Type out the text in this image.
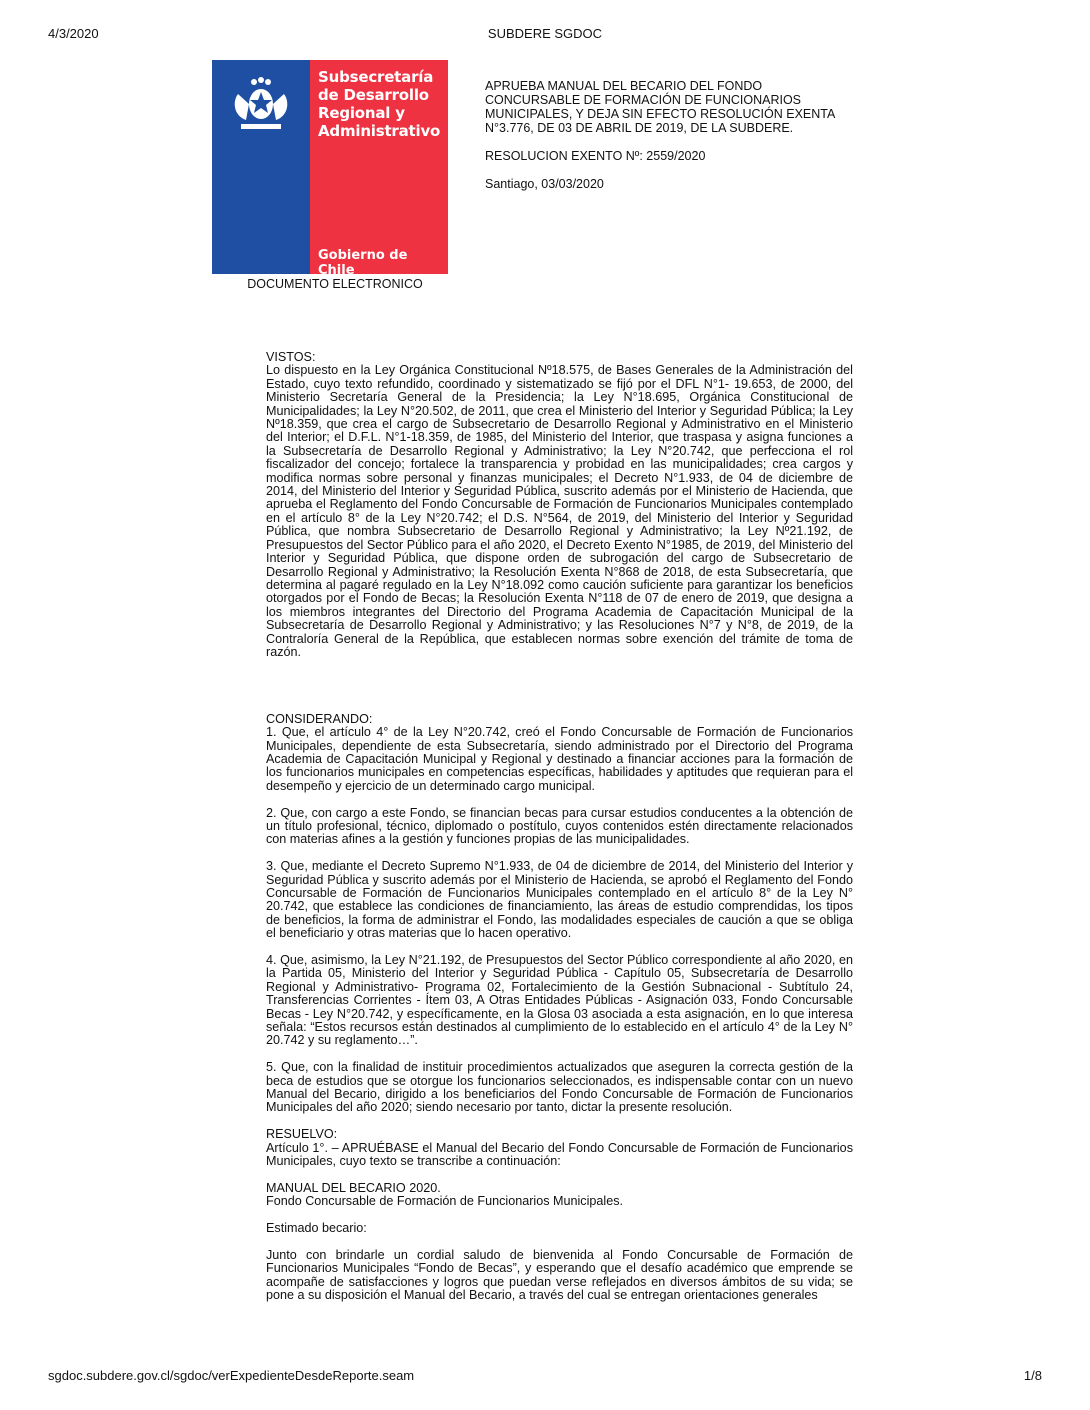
4/3/2020	SUBDERE SGDOC
Subsecretaría
de Desarrollo
Regional y
Administrativo
Gobierno de Chile
DOCUMENTO ELECTRONICO

APRUEBA MANUAL DEL BECARIO DEL FONDO
CONCURSABLE DE FORMACIÓN DE FUNCIONARIOS
MUNICIPALES, Y DEJA SIN EFECTO RESOLUCIÓN EXENTA
N°3.776, DE 03 DE ABRIL DE 2019, DE LA SUBDERE.

RESOLUCION EXENTO Nº: 2559/2020

Santiago, 03/03/2020

VISTOS:

Lo dispuesto en la Ley Orgánica Constitucional Nº18.575, de Bases Generales de la Administración del Estado, cuyo texto refundido, coordinado y sistematizado se fijó por el DFL N°1- 19.653, de 2000, del Ministerio Secretaría General de la Presidencia; la Ley N°18.695, Orgánica Constitucional de Municipalidades; la Ley N°20.502, de 2011, que crea el Ministerio del Interior y Seguridad Pública; la Ley Nº18.359, que crea el cargo de Subsecretario de Desarrollo Regional y Administrativo en el Ministerio del Interior; el D.F.L. N°1-18.359, de 1985, del Ministerio del Interior, que traspasa y asigna funciones a la Subsecretaría de Desarrollo Regional y Administrativo; la Ley N°20.742, que perfecciona el rol fiscalizador del concejo; fortalece la transparencia y probidad en las municipalidades; crea cargos y modifica normas sobre personal y finanzas municipales; el Decreto N°1.933, de 04 de diciembre de 2014, del Ministerio del Interior y Seguridad Pública, suscrito además por el Ministerio de Hacienda, que aprueba el Reglamento del Fondo Concursable de Formación de Funcionarios Municipales contemplado en el artículo 8° de la Ley N°20.742; el D.S. N°564, de 2019, del Ministerio del Interior y Seguridad Pública, que nombra Subsecretario de Desarrollo Regional y Administrativo; la Ley Nº21.192, de Presupuestos del Sector Público para el año 2020, el Decreto Exento N°1985, de 2019, del Ministerio del Interior y Seguridad Pública, que dispone orden de subrogación del cargo de Subsecretario de Desarrollo Regional y Administrativo; la Resolución Exenta N°868 de 2018, de esta Subsecretaría, que determina al pagaré regulado en la Ley N°18.092 como caución suficiente para garantizar los beneficios otorgados por el Fondo de Becas; la Resolución Exenta N°118 de 07 de enero de 2019, que designa a los miembros integrantes del Directorio del Programa Academia de Capacitación Municipal de la Subsecretaría de Desarrollo Regional y Administrativo; y las Resoluciones N°7 y N°8, de 2019, de la Contraloría General de la República, que establecen normas sobre exención del trámite de toma de razón.

CONSIDERANDO:

1. Que, el artículo 4° de la Ley N°20.742, creó el Fondo Concursable de Formación de Funcionarios Municipales, dependiente de esta Subsecretaría, siendo administrado por el Directorio del Programa Academia de Capacitación Municipal y Regional y destinado a financiar acciones para la formación de los funcionarios municipales en competencias específicas, habilidades y aptitudes que requieran para el desempeño y ejercicio de un determinado cargo municipal.

2. Que, con cargo a este Fondo, se financian becas para cursar estudios conducentes a la obtención de un título profesional, técnico, diplomado o postítulo, cuyos contenidos estén directamente relacionados con materias afines a la gestión y funciones propias de las municipalidades.

3. Que, mediante el Decreto Supremo N°1.933, de 04 de diciembre de 2014, del Ministerio del Interior y Seguridad Pública y suscrito además por el Ministerio de Hacienda, se aprobó el Reglamento del Fondo Concursable de Formación de Funcionarios Municipales contemplado en el artículo 8° de la Ley N° 20.742, que establece las condiciones de financiamiento, las áreas de estudio comprendidas, los tipos de beneficios, la forma de administrar el Fondo, las modalidades especiales de caución a que se obliga el beneficiario y otras materias que lo hacen operativo.

4. Que, asimismo, la Ley N°21.192, de Presupuestos del Sector Público correspondiente al año 2020, en la Partida 05, Ministerio del Interior y Seguridad Pública - Capítulo 05, Subsecretaría de Desarrollo Regional y Administrativo- Programa 02, Fortalecimiento de la Gestión Subnacional - Subtítulo 24, Transferencias Corrientes - Ítem 03, A Otras Entidades Públicas - Asignación 033, Fondo Concursable Becas - Ley N°20.742, y específicamente, en la Glosa 03 asociada a esta asignación, en lo que interesa señala: “Estos recursos están destinados al cumplimiento de lo establecido en el artículo 4° de la Ley N° 20.742 y su reglamento…”.

5. Que, con la finalidad de instituir procedimientos actualizados que aseguren la correcta gestión de la beca de estudios que se otorgue los funcionarios seleccionados, es indispensable contar con un nuevo Manual del Becario, dirigido a los beneficiarios del Fondo Concursable de Formación de Funcionarios Municipales del año 2020; siendo necesario por tanto, dictar la presente resolución.

RESUELVO:

Artículo 1°. – APRUÉBASE el Manual del Becario del Fondo Concursable de Formación de Funcionarios Municipales, cuyo texto se transcribe a continuación:

MANUAL DEL BECARIO 2020.

Fondo Concursable de Formación de Funcionarios Municipales.

Estimado becario:

Junto con brindarle un cordial saludo de bienvenida al Fondo Concursable de Formación de Funcionarios Municipales “Fondo de Becas”, y esperando que el desafío académico que emprende se acompañe de satisfacciones y logros que puedan verse reflejados en diversos ámbitos de su vida; se pone a su disposición el Manual del Becario, a través del cual se entregan orientaciones generales

sgdoc.subdere.gov.cl/sgdoc/verExpedienteDesdeReporte.seam	1/8
